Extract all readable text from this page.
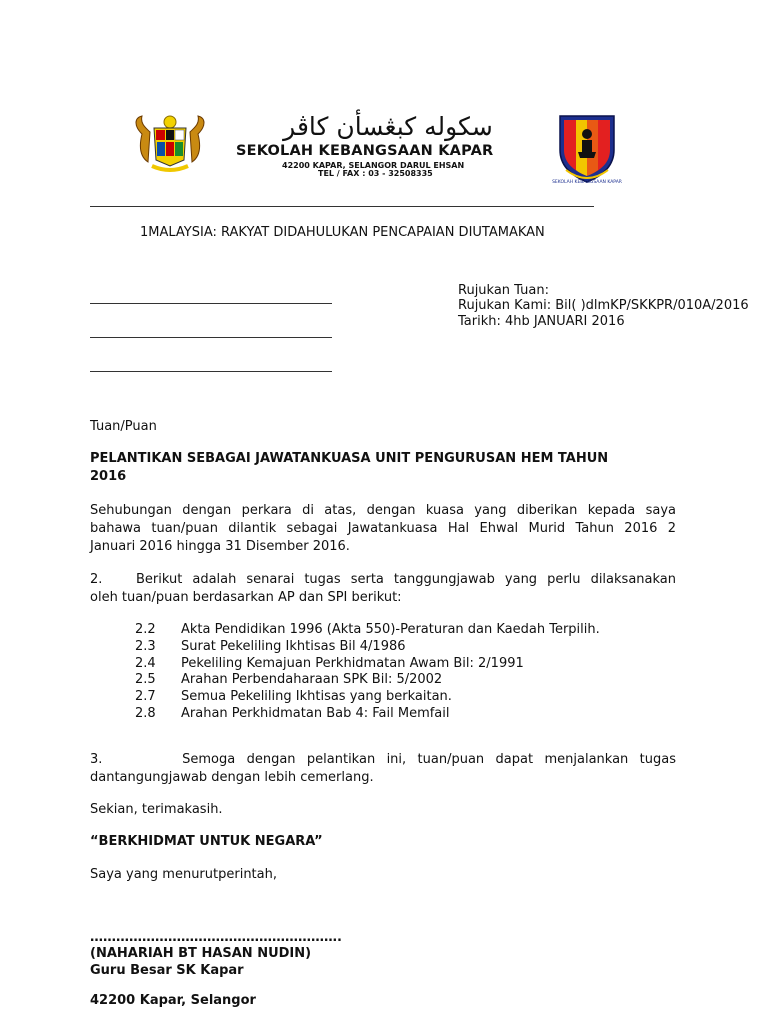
سکوله کبڠسأن کاڤر
SEKOLAH KEBANGSAAN KAPAR
42200 KAPAR, SELANGOR DARUL EHSAN
TEL / FAX : 03 - 32508335
SEKOLAH KEBANGSAAN KAPAR
1MALAYSIA: RAKYAT DIDAHULUKAN PENCAPAIAN DIUTAMAKAN
Rujukan Tuan:
Rujukan Kami: Bil( )dlmKP/SKKPR/010A/2016
Tarikh: 4hb JANUARI 2016
Tuan/Puan
PELANTIKAN SEBAGAI JAWATANKUASA UNIT PENGURUSAN HEM TAHUN
2016
Sehubungan dengan perkara di atas, dengan kuasa yang diberikan kepada saya
bahawa tuan/puan dilantik sebagai Jawatankuasa Hal Ehwal Murid Tahun 2016 2
Januari 2016 hingga 31 Disember 2016.
2.	Berikut adalah senarai tugas serta tanggungjawab yang perlu dilaksanakan
oleh tuan/puan berdasarkan AP dan SPI berikut:
2.2 Akta Pendidikan 1996 (Akta 550)-Peraturan dan Kaedah Terpilih.
2.3 Surat Pekeliling Ikhtisas Bil 4/1986
2.4 Pekeliling Kemajuan Perkhidmatan Awam Bil: 2/1991
2.5 Arahan Perbendaharaan SPK Bil: 5/2002
2.7 Semua Pekeliling Ikhtisas yang berkaitan.
2.8 Arahan Perkhidmatan Bab 4: Fail Memfail
3.       Semoga dengan pelantikan ini, tuan/puan dapat menjalankan tugas
dantangungjawab dengan lebih cemerlang.
Sekian, terimakasih.
“BERKHIDMAT UNTUK NEGARA”
Saya yang menurutperintah,
………………………………………………….
(NAHARIAH BT HASAN NUDIN)
Guru Besar SK Kapar
42200 Kapar, Selangor
